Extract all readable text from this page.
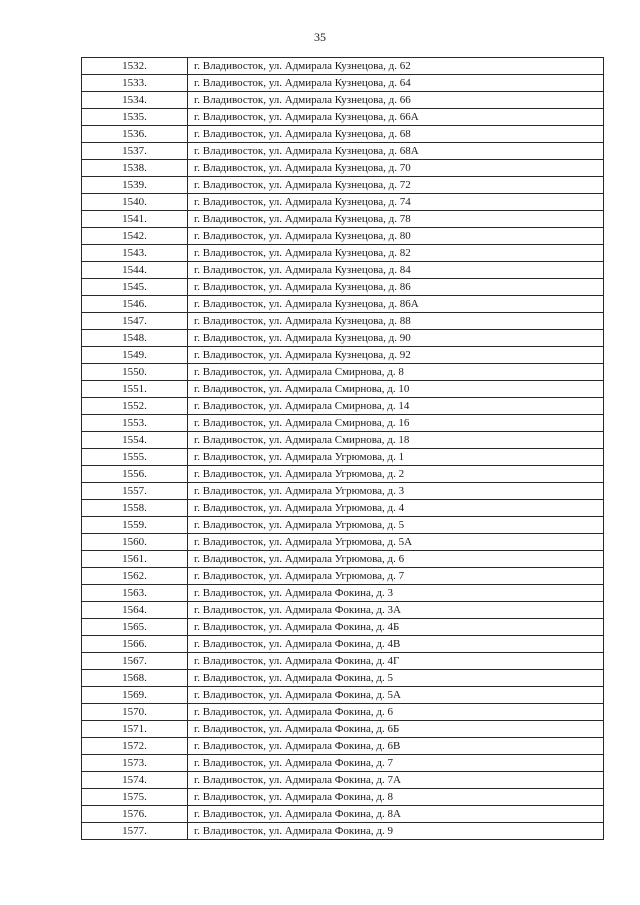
35
1532.	г. Владивосток, ул. Адмирала Кузнецова, д. 62
1533.	г. Владивосток, ул. Адмирала Кузнецова, д. 64
1534.	г. Владивосток, ул. Адмирала Кузнецова, д. 66
1535.	г. Владивосток, ул. Адмирала Кузнецова, д. 66А
1536.	г. Владивосток, ул. Адмирала Кузнецова, д. 68
1537.	г. Владивосток, ул. Адмирала Кузнецова, д. 68А
1538.	г. Владивосток, ул. Адмирала Кузнецова, д. 70
1539.	г. Владивосток, ул. Адмирала Кузнецова, д. 72
1540.	г. Владивосток, ул. Адмирала Кузнецова, д. 74
1541.	г. Владивосток, ул. Адмирала Кузнецова, д. 78
1542.	г. Владивосток, ул. Адмирала Кузнецова, д. 80
1543.	г. Владивосток, ул. Адмирала Кузнецова, д. 82
1544.	г. Владивосток, ул. Адмирала Кузнецова, д. 84
1545.	г. Владивосток, ул. Адмирала Кузнецова, д. 86
1546.	г. Владивосток, ул. Адмирала Кузнецова, д. 86А
1547.	г. Владивосток, ул. Адмирала Кузнецова, д. 88
1548.	г. Владивосток, ул. Адмирала Кузнецова, д. 90
1549.	г. Владивосток, ул. Адмирала Кузнецова, д. 92
1550.	г. Владивосток, ул. Адмирала Смирнова, д. 8
1551.	г. Владивосток, ул. Адмирала Смирнова, д. 10
1552.	г. Владивосток, ул. Адмирала Смирнова, д. 14
1553.	г. Владивосток, ул. Адмирала Смирнова, д. 16
1554.	г. Владивосток, ул. Адмирала Смирнова, д. 18
1555.	г. Владивосток, ул. Адмирала Угрюмова, д. 1
1556.	г. Владивосток, ул. Адмирала Угрюмова, д. 2
1557.	г. Владивосток, ул. Адмирала Угрюмова, д. 3
1558.	г. Владивосток, ул. Адмирала Угрюмова, д. 4
1559.	г. Владивосток, ул. Адмирала Угрюмова, д. 5
1560.	г. Владивосток, ул. Адмирала Угрюмова, д. 5А
1561.	г. Владивосток, ул. Адмирала Угрюмова, д. 6
1562.	г. Владивосток, ул. Адмирала Угрюмова, д. 7
1563.	г. Владивосток, ул. Адмирала Фокина, д. 3
1564.	г. Владивосток, ул. Адмирала Фокина, д. 3А
1565.	г. Владивосток, ул. Адмирала Фокина, д. 4Б
1566.	г. Владивосток, ул. Адмирала Фокина, д. 4В
1567.	г. Владивосток, ул. Адмирала Фокина, д. 4Г
1568.	г. Владивосток, ул. Адмирала Фокина, д. 5
1569.	г. Владивосток, ул. Адмирала Фокина, д. 5А
1570.	г. Владивосток, ул. Адмирала Фокина, д. 6
1571.	г. Владивосток, ул. Адмирала Фокина, д. 6Б
1572.	г. Владивосток, ул. Адмирала Фокина, д. 6В
1573.	г. Владивосток, ул. Адмирала Фокина, д. 7
1574.	г. Владивосток, ул. Адмирала Фокина, д. 7А
1575.	г. Владивосток, ул. Адмирала Фокина, д. 8
1576.	г. Владивосток, ул. Адмирала Фокина, д. 8А
1577.	г. Владивосток, ул. Адмирала Фокина, д. 9
